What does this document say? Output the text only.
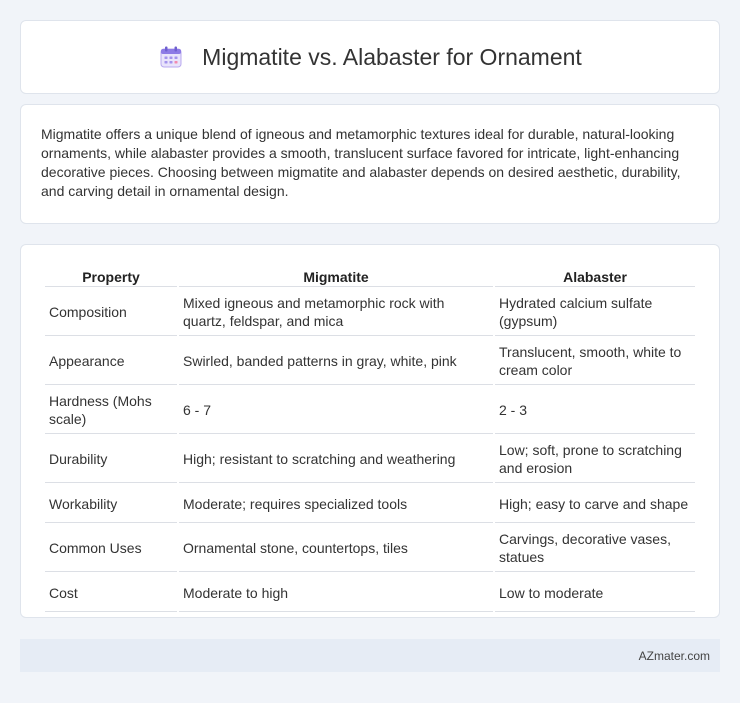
Migmatite vs. Alabaster for Ornament

Migmatite offers a unique blend of igneous and metamorphic textures ideal for durable, natural-looking ornaments, while alabaster provides a smooth, translucent surface favored for intricate, light-enhancing decorative pieces. Choosing between migmatite and alabaster depends on desired aesthetic, durability, and carving detail in ornamental design.

Property	Migmatite	Alabaster
Composition	Mixed igneous and metamorphic rock with quartz, feldspar, and mica	Hydrated calcium sulfate (gypsum)
Appearance	Swirled, banded patterns in gray, white, pink	Translucent, smooth, white to cream color
Hardness (Mohs scale)	6 - 7	2 - 3
Durability	High; resistant to scratching and weathering	Low; soft, prone to scratching and erosion
Workability	Moderate; requires specialized tools	High; easy to carve and shape
Common Uses	Ornamental stone, countertops, tiles	Carvings, decorative vases, statues
Cost	Moderate to high	Low to moderate
AZmater.com
